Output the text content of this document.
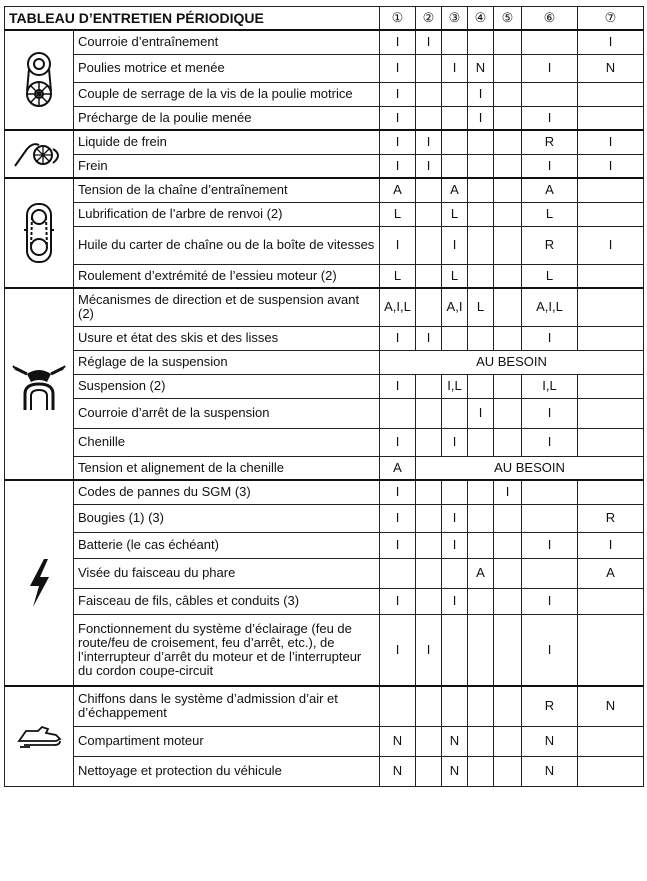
TABLEAU D’ENTRETIEN PÉRIODIQUE		①	②	③	④	⑤	⑥	⑦

	Courroie d’entraînement	I	I					I
	Poulies motrice et menée	I		I	N		I	N
	Couple de serrage de la vis de la poulie motrice	I			I			
	Précharge de la poulie menée	I			I		I	

	Liquide de frein	I	I				R	I
	Frein	I	I				I	I

	Tension de la chaîne d’entraînement	A		A			A	
	Lubrification de l’arbre de renvoi (2)	L		L			L	
	Huile du carter de chaîne ou de la boîte de vitesses	I		I			R	I
	Roulement d’extrémité de l’essieu moteur (2)	L		L			L	

	Mécanismes de direction et de suspension avant (2)	A,I,L		A,I	L		A,I,L	
	Usure et état des skis et des lisses	I	I				I	
	Réglage de la suspension	AU BESOIN						
	Suspension (2)	I		I,L			I,L	
	Courroie d’arrêt de la suspension				I		I	
	Chenille	I		I			I	
	Tension et alignement de la chenille	A	AU BESOIN					

	Codes de pannes du SGM (3)	I				I		
	Bougies (1) (3)	I		I				R
	Batterie (le cas échéant)	I		I			I	I
	Visée du faisceau du phare				A			A
	Faisceau de fils, câbles et conduits (3)	I		I			I	
	Fonctionnement du système d’éclairage (feu de route/feu de croisement, feu d’arrêt, etc.), de l’interrupteur d’arrêt du moteur et de l’interrupteur du cordon coupe-circuit	I	I				I	

	Chiffons dans le système d’admission d’air et d’échappement						R	N
	Compartiment moteur	N		N			N	
	Nettoyage et protection du véhicule	N		N			N	
